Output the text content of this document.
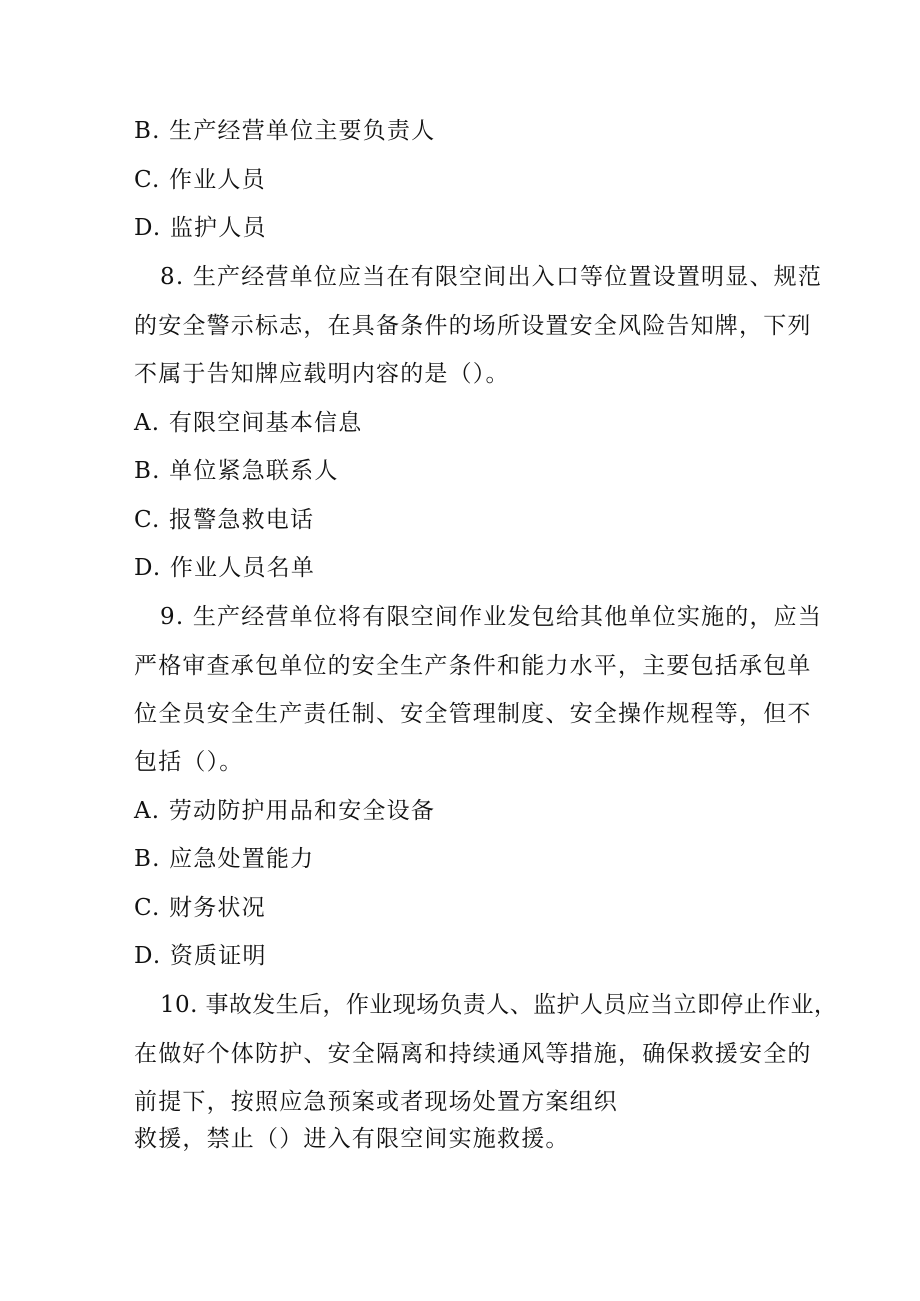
B. 生产经营单位主要负责人
C. 作业人员
D. 监护人员
8. 生产经营单位应当在有限空间出入口等位置设置明显、规范
的安全警示标志，在具备条件的场所设置安全风险告知牌，下列
不属于告知牌应载明内容的是（）。
A. 有限空间基本信息
B. 单位紧急联系人
C. 报警急救电话
D. 作业人员名单
9. 生产经营单位将有限空间作业发包给其他单位实施的，应当
严格审查承包单位的安全生产条件和能力水平，主要包括承包单
位全员安全生产责任制、安全管理制度、安全操作规程等，但不
包括（）。
A. 劳动防护用品和安全设备
B. 应急处置能力
C. 财务状况
D. 资质证明
10. 事故发生后，作业现场负责人、监护人员应当立即停止作业，
在做好个体防护、安全隔离和持续通风等措施，确保救援安全的
前提下，按照应急预案或者现场处置方案组织
救援，禁止（）进入有限空间实施救援。
